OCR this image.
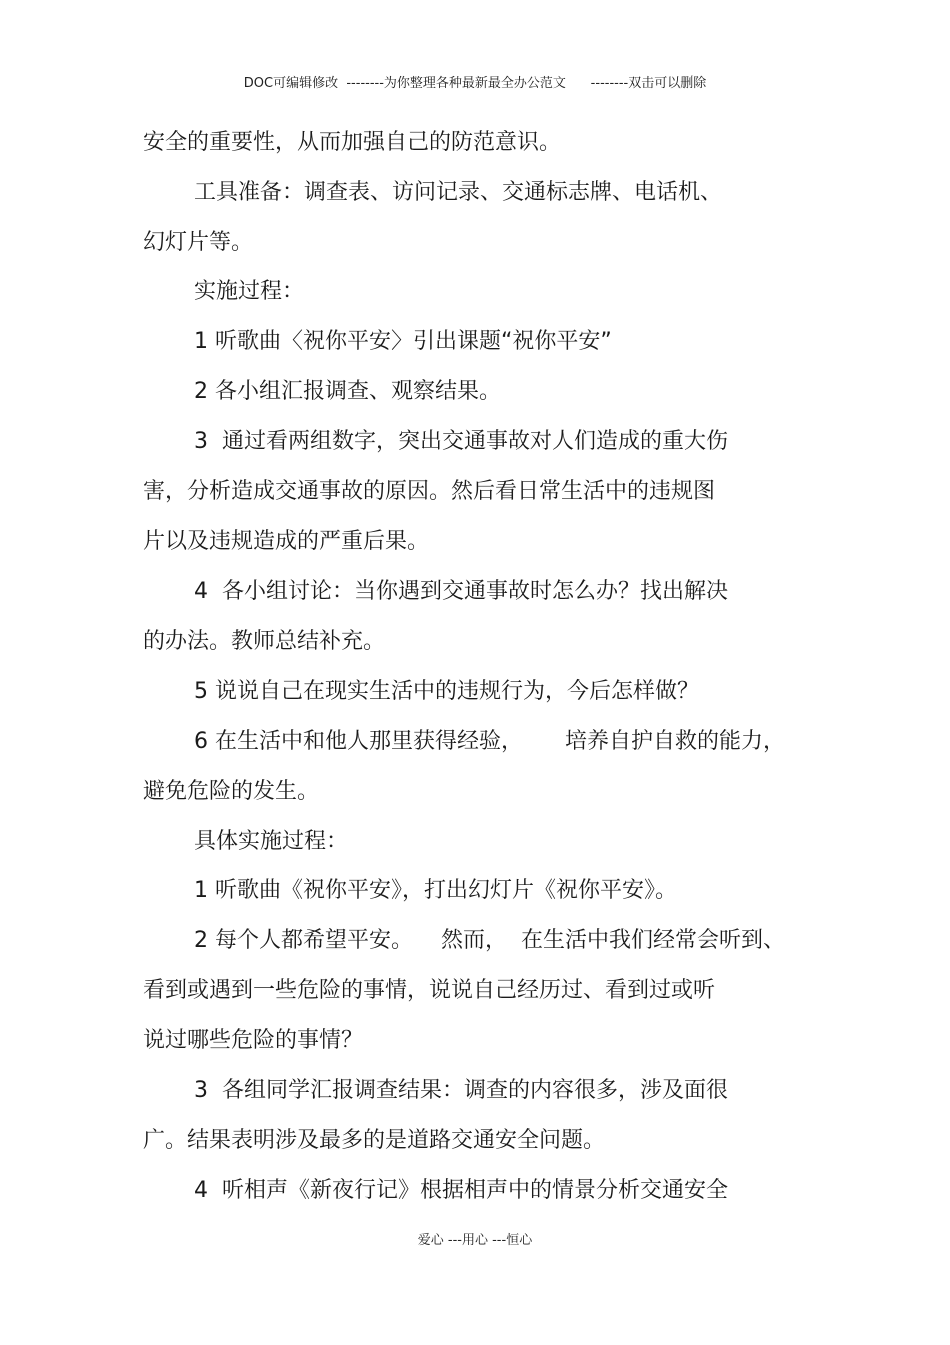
DOC可编辑修改  --------为你整理各种最新最全办公范文      --------双击可以删除
安全的重要性，从而加强自己的防范意识。
工具准备：调查表、访问记录、交通标志牌、电话机、
幻灯片等。
实施过程：
1 听歌曲〈祝你平安〉引出课题“祝你平安”
2 各小组汇报调查、观察结果。
3  通过看两组数字，突出交通事故对人们造成的重大伤
害，分析造成交通事故的原因。然后看日常生活中的违规图
片以及违规造成的严重后果。
4  各小组讨论：当你遇到交通事故时怎么办？找出解决
的办法。教师总结补充。
5 说说自己在现实生活中的违规行为，今后怎样做？
6 在生活中和他人那里获得经验，      培养自护自救的能力，
避免危险的发生。
具体实施过程：
1 听歌曲《祝你平安》，打出幻灯片《祝你平安》。
2 每个人都希望平安。    然而，  在生活中我们经常会听到、
看到或遇到一些危险的事情，说说自己经历过、看到过或听
说过哪些危险的事情？
3  各组同学汇报调查结果：调查的内容很多，涉及面很
广。结果表明涉及最多的是道路交通安全问题。
4  听相声《新夜行记》根据相声中的情景分析交通安全
爱心 ---用心 ---恒心
